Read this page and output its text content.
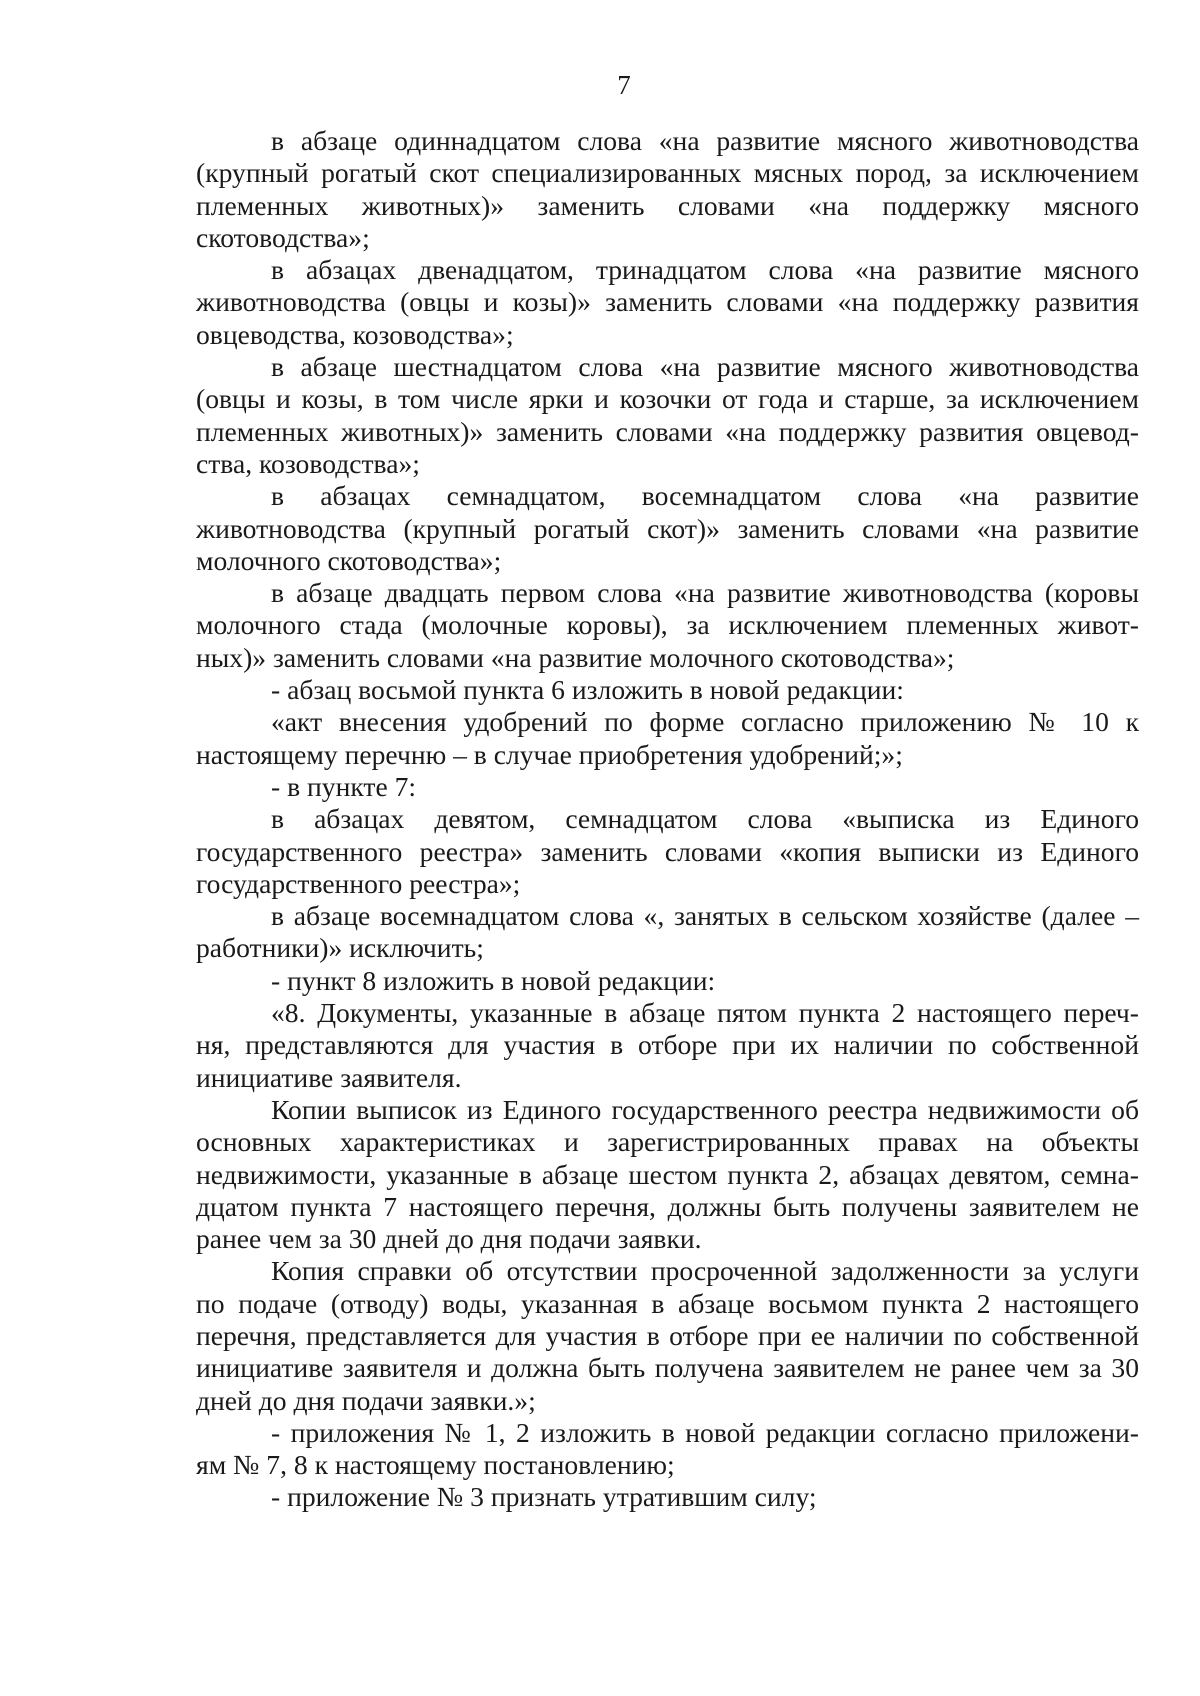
7
в абзаце одиннадцатом слова «на развитие мясного животноводства
(крупный рогатый скот специализированных мясных пород, за исключением
племенных животных)» заменить словами «на поддержку мясного
скотоводства»;
в абзацах двенадцатом, тринадцатом слова «на развитие мясного
животноводства (овцы и козы)» заменить словами «на поддержку развития
овцеводства, козоводства»;
в абзаце шестнадцатом слова «на развитие мясного животноводства
(овцы и козы, в том числе ярки и козочки от года и старше, за исключением
племенных животных)» заменить словами «на поддержку развития овцевод-
ства, козоводства»;
в абзацах семнадцатом, восемнадцатом слова «на развитие
животноводства (крупный рогатый скот)» заменить словами «на развитие
молочного скотоводства»;
в абзаце двадцать первом слова «на развитие животноводства (коровы
молочного стада (молочные коровы), за исключением племенных живот-
ных)» заменить словами «на развитие молочного скотоводства»;
- абзац восьмой пункта 6 изложить в новой редакции:
«акт внесения удобрений по форме согласно приложению № 10 к
настоящему перечню – в случае приобретения удобрений;»;
- в пункте 7:
в абзацах девятом, семнадцатом слова «выписка из Единого
государственного реестра» заменить словами «копия выписки из Единого
государственного реестра»;
в абзаце восемнадцатом слова «, занятых в сельском хозяйстве (далее –
работники)» исключить;
- пункт 8 изложить в новой редакции:
«8. Документы, указанные в абзаце пятом пункта 2 настоящего переч-
ня, представляются для участия в отборе при их наличии по собственной
инициативе заявителя.
Копии выписок из Единого государственного реестра недвижимости об
основных характеристиках и зарегистрированных правах на объекты
недвижимости, указанные в абзаце шестом пункта 2, абзацах девятом, семна-
дцатом пункта 7 настоящего перечня, должны быть получены заявителем не
ранее чем за 30 дней до дня подачи заявки.
Копия справки об отсутствии просроченной задолженности за услуги
по подаче (отводу) воды, указанная в абзаце восьмом пункта 2 настоящего
перечня, представляется для участия в отборе при ее наличии по собственной
инициативе заявителя и должна быть получена заявителем не ранее чем за 30
дней до дня подачи заявки.»;
- приложения № 1, 2 изложить в новой редакции согласно приложени-
ям № 7, 8 к настоящему постановлению;
- приложение № 3 признать утратившим силу;
